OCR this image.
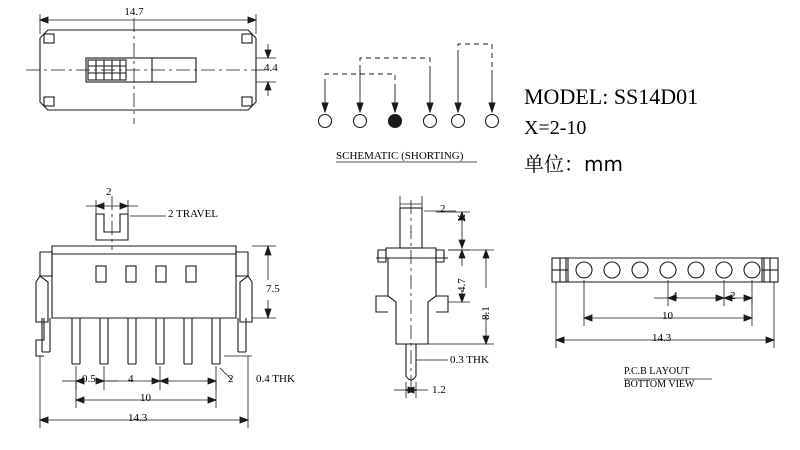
14.7
4.4
SCHEMATIC (SHORTING)
MODEL: SS14D01
X=2-10
单位：mm
2
2 TRAVEL
7.5
0.5	4	2 0.4 THK
10
14.3
2
X
4.7
8.1
0.3 THK
1.2
4	2
10
14.3
P.C.B LAYOUT
BOTTOM VIEW
